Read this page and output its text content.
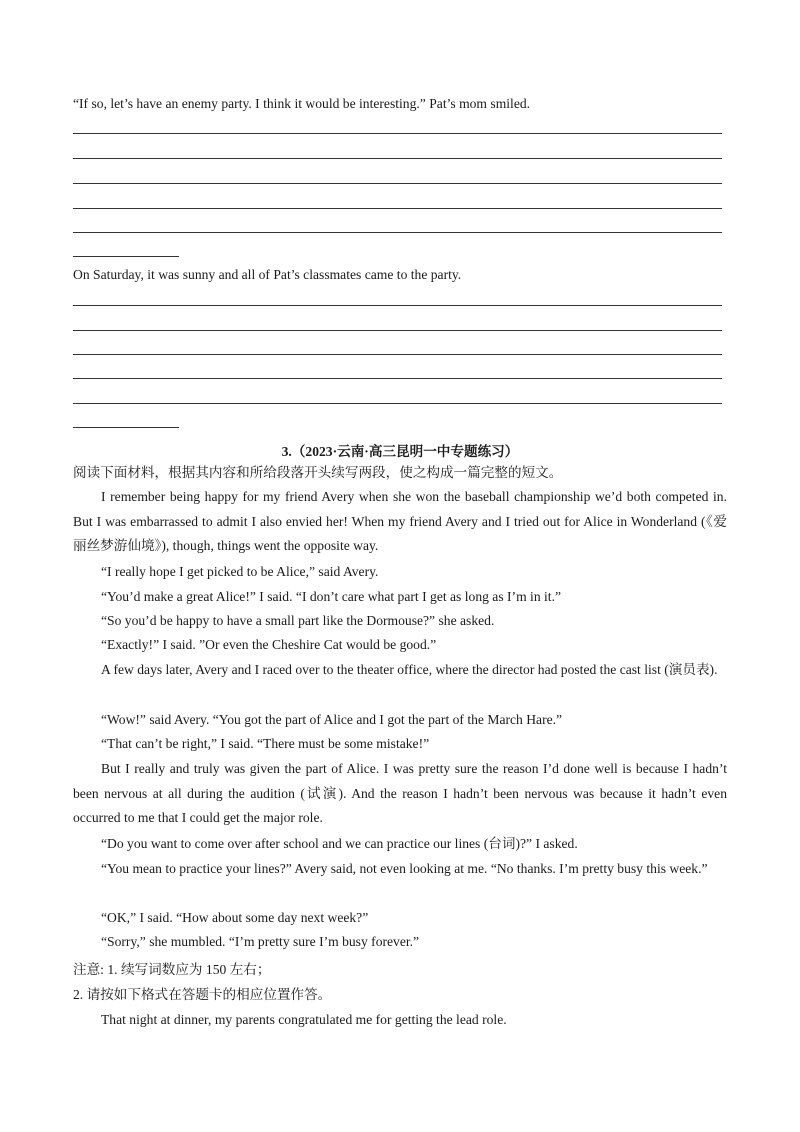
“If so, let’s have an enemy party. I think it would be interesting.” Pat’s mom smiled.
On Saturday, it was sunny and all of Pat’s classmates came to the party.
3.（2023·云南·高三昆明一中专题练习）
阅读下面材料，根据其内容和所给段落开头续写两段，使之构成一篇完整的短文。
I remember being happy for my friend Avery when she won the baseball championship we’d both competed in. But I was embarrassed to admit I also envied her! When my friend Avery and I tried out for Alice in Wonderland (《爱丽丝梦游仙境》), though, things went the opposite way.
“I really hope I get picked to be Alice,” said Avery.
“You’d make a great Alice!” I said. “I don’t care what part I get as long as I’m in it.”
“So you’d be happy to have a small part like the Dormouse?” she asked.
“Exactly!” I said. ”Or even the Cheshire Cat would be good.”
A few days later, Avery and I raced over to the theater office, where the director had posted the cast list (演员表).
“Wow!” said Avery. “You got the part of Alice and I got the part of the March Hare.”
“That can’t be right,” I said. “There must be some mistake!”
But I really and truly was given the part of Alice. I was pretty sure the reason I’d done well is because I hadn’t been nervous at all during the audition (试演). And the reason I hadn’t been nervous was because it hadn’t even occurred to me that I could get the major role.
“Do you want to come over after school and we can practice our lines (台词)?” I asked.
“You mean to practice your lines?” Avery said, not even looking at me. “No thanks. I’m pretty busy this week.”
“OK,” I said. “How about some day next week?”
“Sorry,” she mumbled. “I’m pretty sure I’m busy forever.”
注意: 1. 续写词数应为 150 左右；
2. 请按如下格式在答题卡的相应位置作答。
That night at dinner, my parents congratulated me for getting the lead role.
